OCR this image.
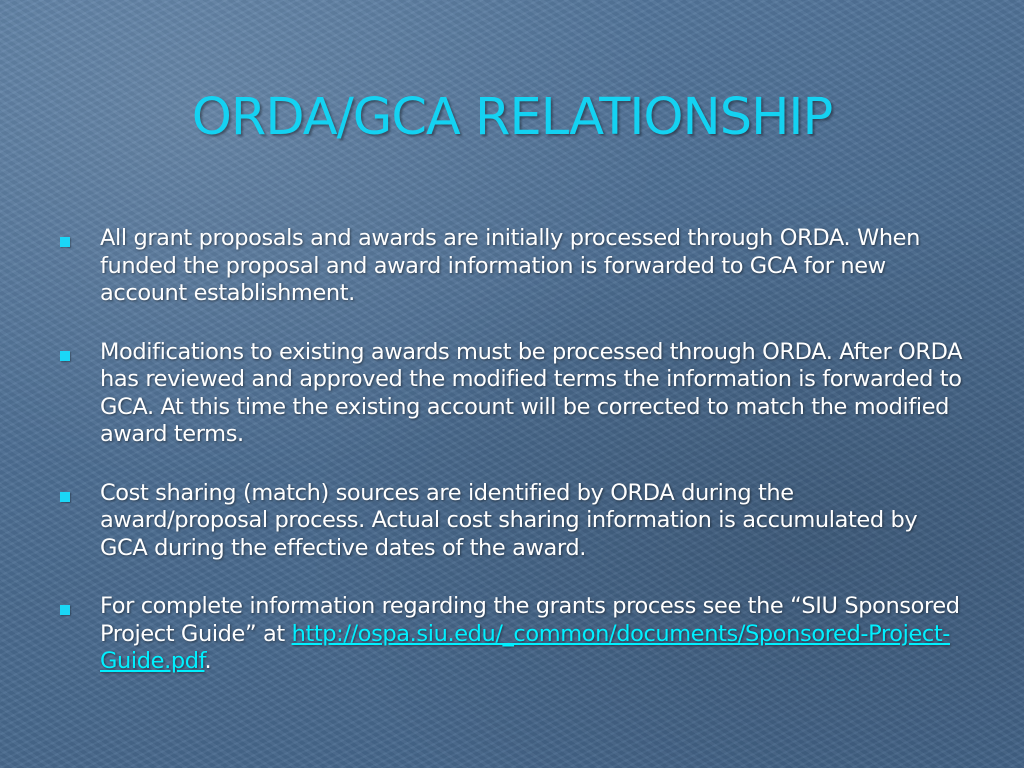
ORDA/GCA RELATIONSHIP
All grant proposals and awards are initially processed through ORDA. When funded the proposal and award information is forwarded to GCA for new account establishment.
Modifications to existing awards must be processed through ORDA. After ORDA has reviewed and approved the modified terms the information is forwarded to GCA. At this time the existing account will be corrected to match the modified award terms.
Cost sharing (match) sources are identified by ORDA during the award/proposal process. Actual cost sharing information is accumulated by GCA during the effective dates of the award.
For complete information regarding the grants process see the “SIU Sponsored Project Guide” at http://ospa.siu.edu/_common/documents/Sponsored-Project-Guide.pdf.
